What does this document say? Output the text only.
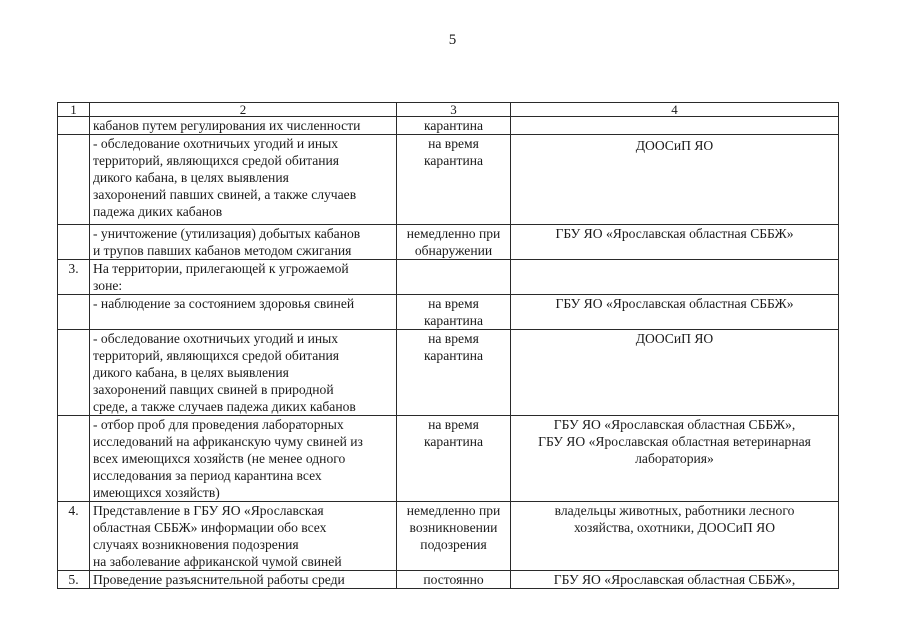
5
1	2	3	4

	кабанов путем регулирования их численности	карантина	

	- обследование охотничьих угодий и иных
территорий, являющихся средой обитания
дикого кабана, в целях выявления
захоронений павших свиней, а также случаев
падежа диких кабанов	на время
карантина	ДООСиП ЯО

	- уничтожение (утилизация) добытых кабанов
и трупов павших кабанов методом сжигания	немедленно при
обнаружении	ГБУ ЯО «Ярославская областная СББЖ»

3.	На территории, прилегающей к угрожаемой
зоне:		

	- наблюдение за состоянием здоровья свиней	на время
карантина	ГБУ ЯО «Ярославская областная СББЖ»

	- обследование охотничьих угодий и иных
территорий, являющихся средой обитания
дикого кабана, в целях выявления
захоронений павщих свиней в природной
среде, а также случаев падежа диких кабанов	на время
карантина	ДООСиП ЯО

	- отбор проб для проведения лабораторных
исследований на африканскую чуму свиней из
всех имеющихся хозяйств (не менее одного
исследования за период карантина всех
имеющихся хозяйств)	на время
карантина	ГБУ ЯО «Ярославская областная СББЖ»,
ГБУ ЯО «Ярославская областная ветеринарная
лаборатория»

4.	Представление в ГБУ ЯО «Ярославская
областная СББЖ» информации обо всех
случаях возникновения подозрения
на заболевание африканской чумой свиней	немедленно при
возникновении
подозрения	владельцы животных, работники лесного
хозяйства, охотники, ДООСиП ЯО

5.	Проведение разъяснительной работы среди	постоянно	ГБУ ЯО «Ярославская областная СББЖ»,
